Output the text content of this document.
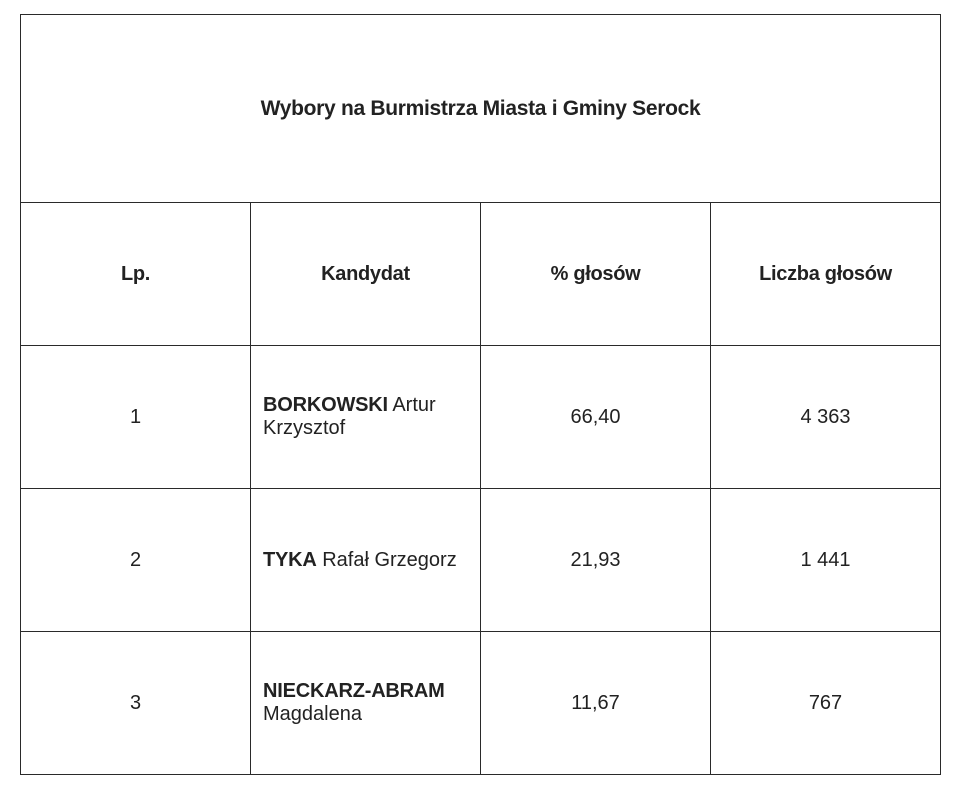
Wybory na Burmistrza Miasta i Gminy Serock			
Lp.	Kandydat	% głosów	Liczba głosów
1	BORKOWSKI Artur Krzysztof	66,40	4 363
2	TYKA Rafał Grzegorz	21,93	1 441
3	NIECKARZ-ABRAM Magdalena	11,67	767
